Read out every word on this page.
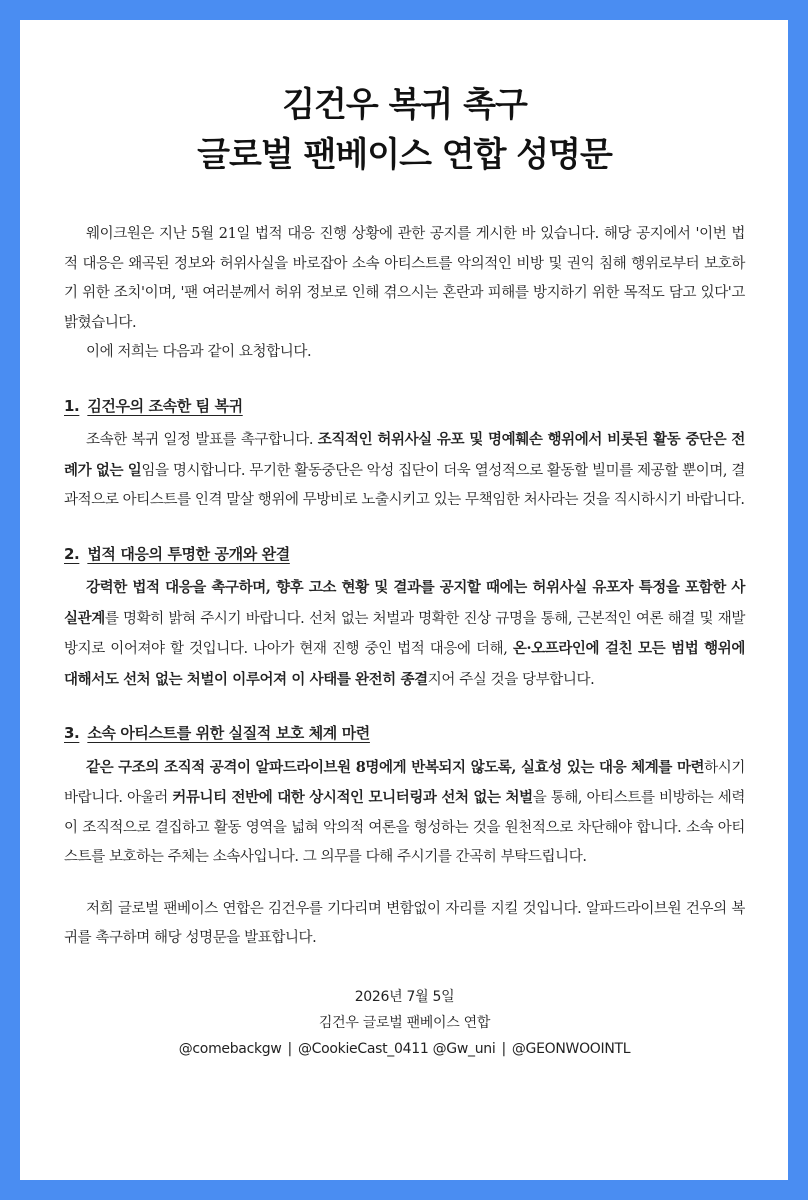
김건우 복귀 촉구
글로벌 팬베이스 연합 성명문

웨이크원은 지난 5월 21일 법적 대응 진행 상황에 관한 공지를 게시한 바 있습니다. 해당 공지에서 '이번 법적 대응은 왜곡된 정보와 허위사실을 바로잡아 소속 아티스트를 악의적인 비방 및 권익 침해 행위로부터 보호하기 위한 조치'이며, '팬 여러분께서 허위 정보로 인해 겪으시는 혼란과 피해를 방지하기 위한 목적도 담고 있다'고 밝혔습니다.

이에 저희는 다음과 같이 요청합니다.

1. 김건우의 조속한 팀 복귀

조속한 복귀 일정 발표를 촉구합니다. 조직적인 허위사실 유포 및 명예훼손 행위에서 비롯된 활동 중단은 전례가 없는 일임을 명시합니다. 무기한 활동중단은 악성 집단이 더욱 열성적으로 활동할 빌미를 제공할 뿐이며, 결과적으로 아티스트를 인격 말살 행위에 무방비로 노출시키고 있는 무책임한 처사라는 것을 직시하시기 바랍니다.

2. 법적 대응의 투명한 공개와 완결

강력한 법적 대응을 촉구하며, 향후 고소 현황 및 결과를 공지할 때에는 허위사실 유포자 특정을 포함한 사실관계를 명확히 밝혀 주시기 바랍니다. 선처 없는 처벌과 명확한 진상 규명을 통해, 근본적인 여론 해결 및 재발 방지로 이어져야 할 것입니다. 나아가 현재 진행 중인 법적 대응에 더해, 온·오프라인에 걸친 모든 범법 행위에 대해서도 선처 없는 처벌이 이루어져 이 사태를 완전히 종결지어 주실 것을 당부합니다.

3. 소속 아티스트를 위한 실질적 보호 체계 마련

같은 구조의 조직적 공격이 알파드라이브원 8명에게 반복되지 않도록, 실효성 있는 대응 체계를 마련하시기 바랍니다. 아울러 커뮤니티 전반에 대한 상시적인 모니터링과 선처 없는 처벌을 통해, 아티스트를 비방하는 세력이 조직적으로 결집하고 활동 영역을 넓혀 악의적 여론을 형성하는 것을 원천적으로 차단해야 합니다. 소속 아티스트를 보호하는 주체는 소속사입니다. 그 의무를 다해 주시기를 간곡히 부탁드립니다.

저희 글로벌 팬베이스 연합은 김건우를 기다리며 변함없이 자리를 지킬 것입니다. 알파드라이브원 건우의 복귀를 촉구하며 해당 성명문을 발표합니다.

2026년 7월 5일
김건우 글로벌 팬베이스 연합
@comebackgw | @CookieCast_0411 @Gw_uni | @GEONWOOINTL
